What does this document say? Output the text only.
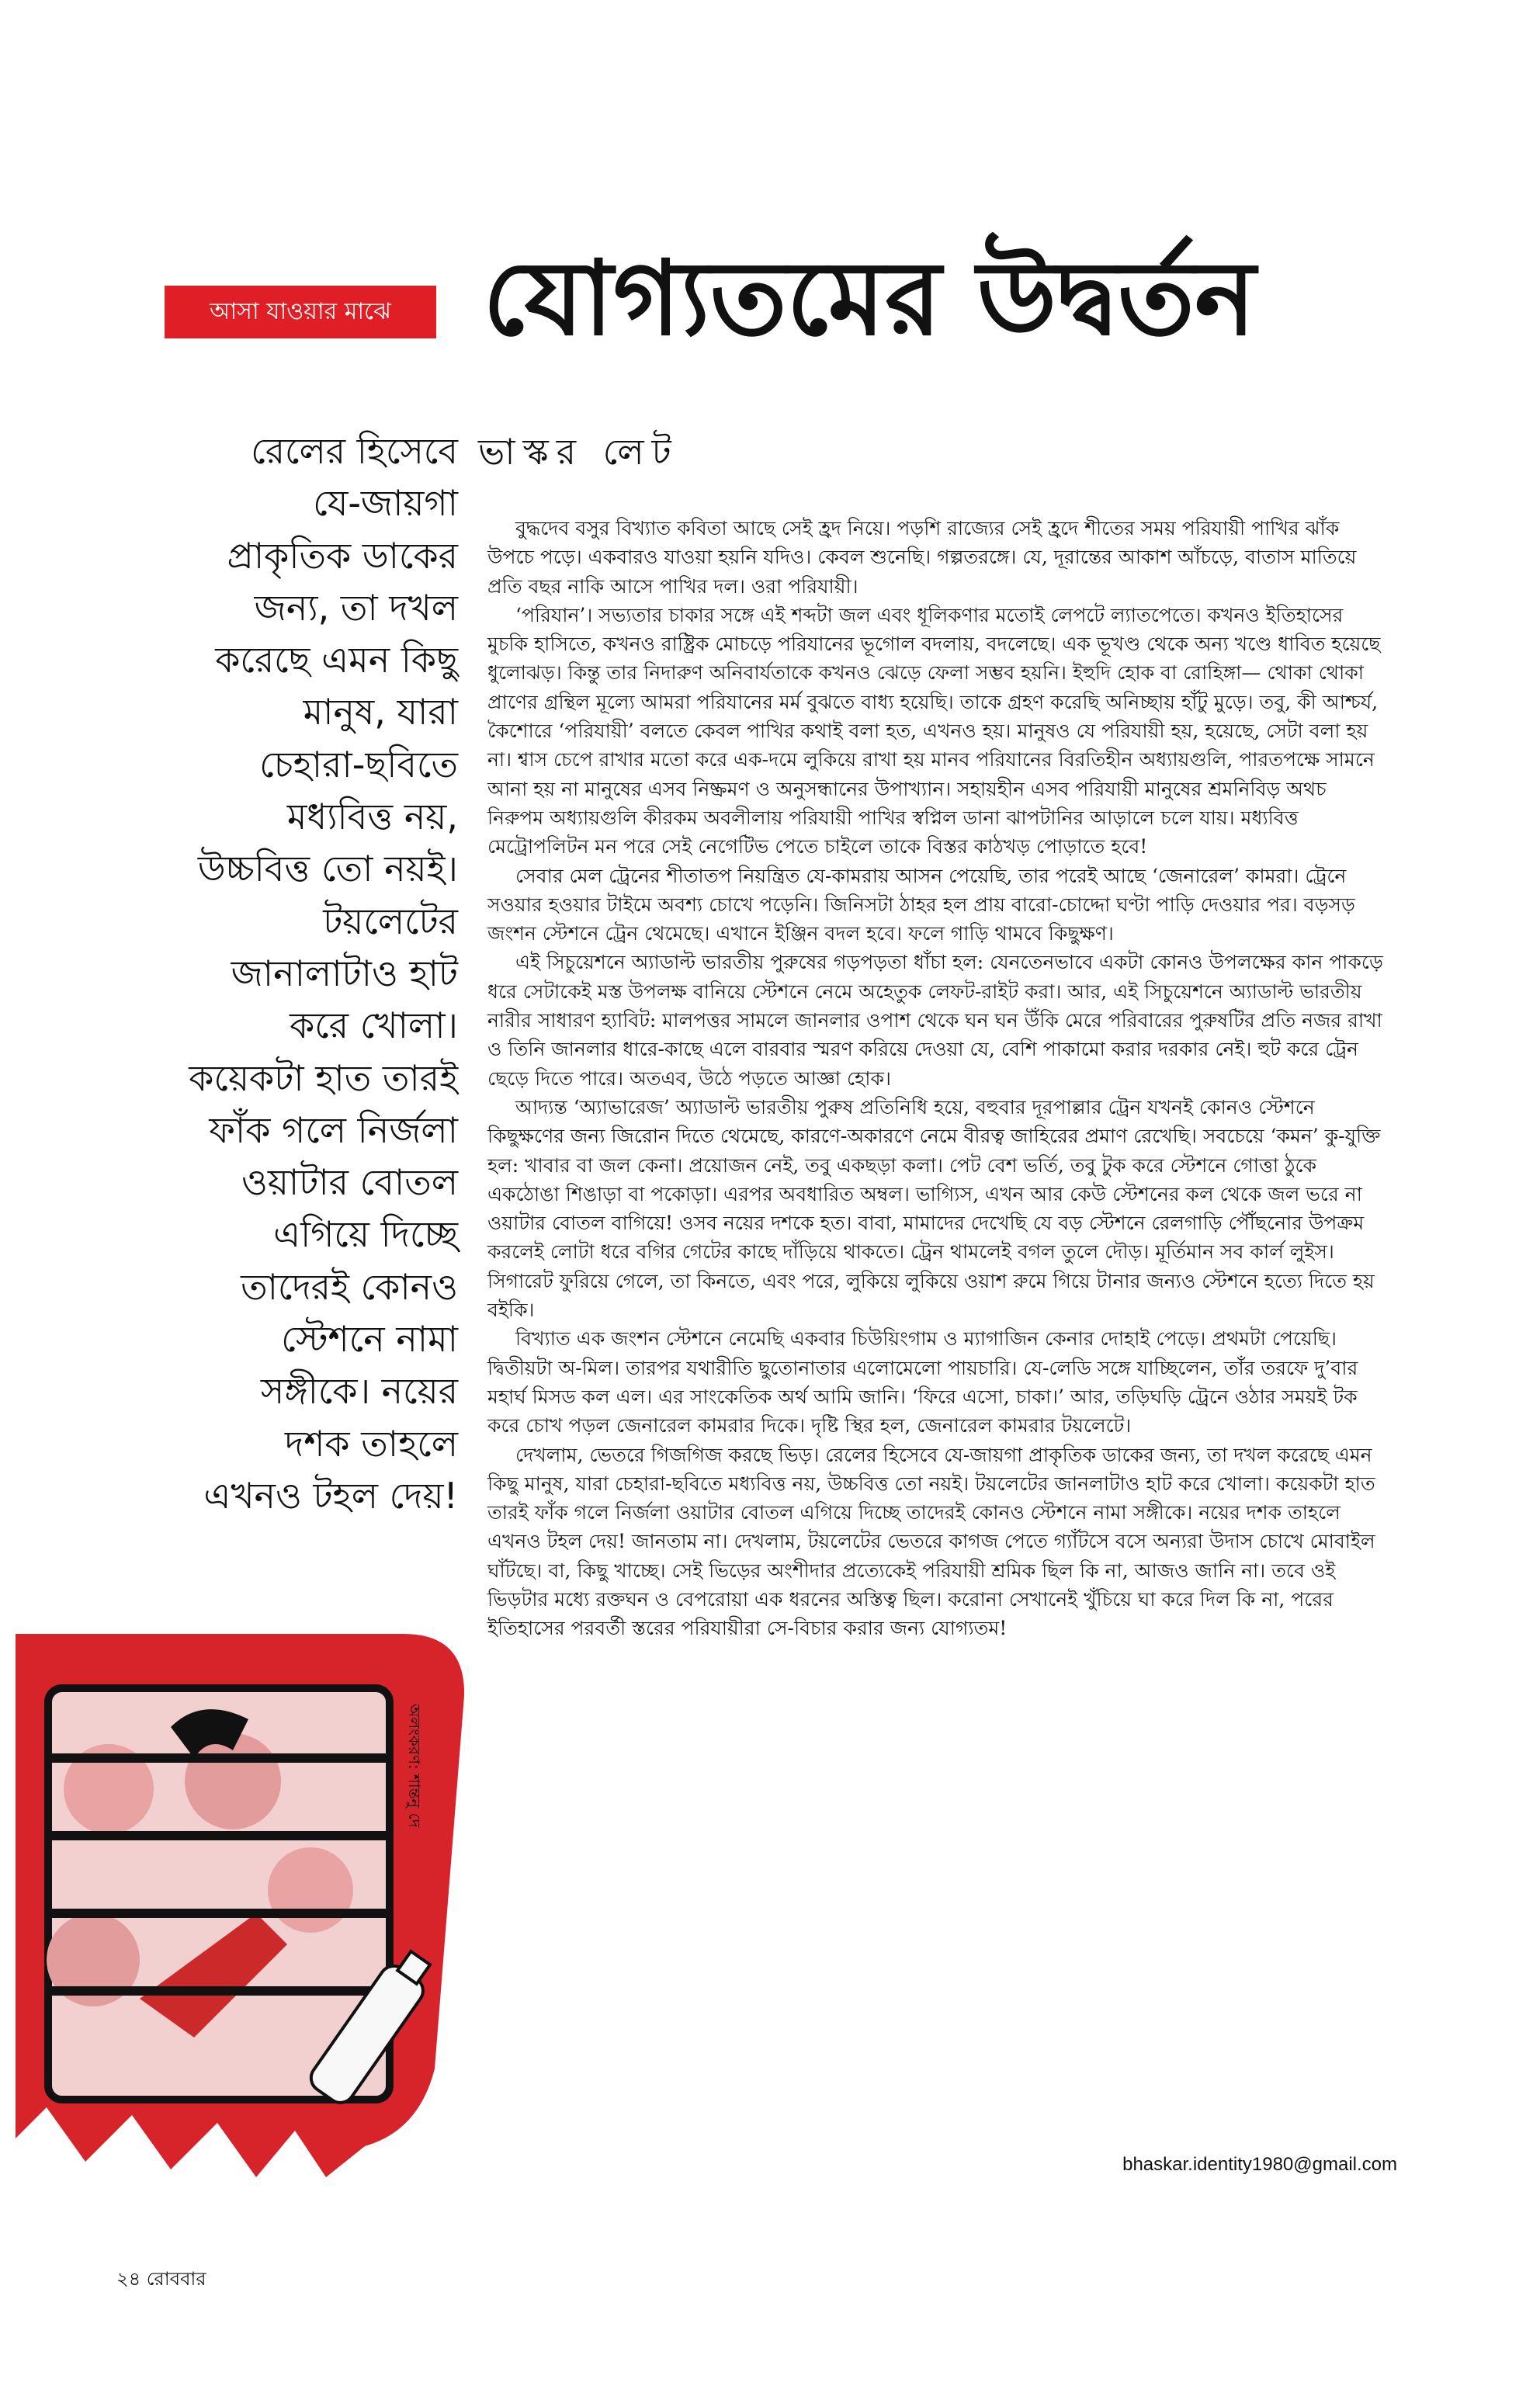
আসা যাওয়ার মাঝে যোগ্যতমের উদ্বর্তন
ভাস্কর লেট
রেলের হিসেবে
যে-জায়গা
প্রাকৃতিক ডাকের
জন্য, তা দখল
করেছে এমন কিছু
মানুষ, যারা
চেহারা-ছবিতে
মধ্যবিত্ত নয়,
উচ্চবিত্ত তো নয়ই।
টয়লেটের
জানালাটাও হাট
করে খোলা।
কয়েকটা হাত তারই
ফাঁক গলে নির্জলা
ওয়াটার বোতল
এগিয়ে দিচ্ছে
তাদেরই কোনও
স্টেশনে নামা
সঙ্গীকে। নয়ের
দশক তাহলে
এখনও টহল দেয়!

বুদ্ধদেব বসুর বিখ্যাত কবিতা আছে সেই হ্রদ নিয়ে। পড়শি রাজ্যের সেই হ্রদে শীতের সময় পরিযায়ী পাখির ঝাঁক উপচে পড়ে। একবারও যাওয়া হয়নি যদিও। কেবল শুনেছি। গল্পতরঙ্গে। যে, দূরান্তের আকাশ আঁচড়ে, বাতাস মাতিয়ে প্রতি বছর নাকি আসে পাখির দল। ওরা পরিযায়ী।

‘পরিযান’। সভ্যতার চাকার সঙ্গে এই শব্দটা জল এবং ধূলিকণার মতোই লেপটে ল্যাতপেতে। কখনও ইতিহাসের মুচকি হাসিতে, কখনও রাষ্ট্রিক মোচড়ে পরিযানের ভূগোল বদলায়, বদলেছে। এক ভূখণ্ড থেকে অন্য খণ্ডে ধাবিত হয়েছে ধুলোঝড়। কিন্তু তার নিদারুণ অনিবার্যতাকে কখনও ঝেড়ে ফেলা সম্ভব হয়নি। ইহুদি হোক বা রোহিঙ্গা— থোকা থোকা প্রাণের গ্রন্থিল মূল্যে আমরা পরিযানের মর্ম বুঝতে বাধ্য হয়েছি। তাকে গ্রহণ করেছি অনিচ্ছায় হাঁটু মুড়ে। তবু, কী আশ্চর্য, কৈশোরে ‘পরিযায়ী’ বলতে কেবল পাখির কথাই বলা হত, এখনও হয়। মানুষও যে পরিযায়ী হয়, হয়েছে, সেটা বলা হয় না। শ্বাস চেপে রাখার মতো করে এক-দমে লুকিয়ে রাখা হয় মানব পরিযানের বিরতিহীন অধ্যায়গুলি, পারতপক্ষে সামনে আনা হয় না মানুষের এসব নিষ্ক্রমণ ও অনুসন্ধানের উপাখ্যান। সহায়হীন এসব পরিযায়ী মানুষের শ্রমনিবিড় অথচ নিরুপম অধ্যায়গুলি কীরকম অবলীলায় পরিযায়ী পাখির স্বপ্নিল ডানা ঝাপটানির আড়ালে চলে যায়। মধ্যবিত্ত মেট্রোপলিটন মন পরে সেই নেগেটিভ পেতে চাইলে তাকে বিস্তর কাঠখড় পোড়াতে হবে!

সেবার মেল ট্রেনের শীতাতপ নিয়ন্ত্রিত যে-কামরায় আসন পেয়েছি, তার পরেই আছে ‘জেনারেল’ কামরা। ট্রেনে সওয়ার হওয়ার টাইমে অবশ্য চোখে পড়েনি। জিনিসটা ঠাহর হল প্রায় বারো-চোদ্দো ঘণ্টা পাড়ি দেওয়ার পর। বড়সড় জংশন স্টেশনে ট্রেন থেমেছে। এখানে ইঞ্জিন বদল হবে। ফলে গাড়ি থামবে কিছুক্ষণ।

এই সিচুয়েশনে অ্যাডাল্ট ভারতীয় পুরুষের গড়পড়তা ধাঁচা হল: যেনতেনভাবে একটা কোনও উপলক্ষের কান পাকড়ে ধরে সেটাকেই মস্ত উপলক্ষ বানিয়ে স্টেশনে নেমে অহেতুক লেফট-রাইট করা। আর, এই সিচুয়েশনে অ্যাডাল্ট ভারতীয় নারীর সাধারণ হ্যাবিট: মালপত্তর সামলে জানলার ওপাশ থেকে ঘন ঘন উঁকি মেরে পরিবারের পুরুষটির প্রতি নজর রাখা ও তিনি জানলার ধারে-কাছে এলে বারবার স্মরণ করিয়ে দেওয়া যে, বেশি পাকামো করার দরকার নেই। হুট করে ট্রেন ছেড়ে দিতে পারে। অতএব, উঠে পড়তে আজ্ঞা হোক।

আদ্যন্ত ‘অ্যাভারেজ’ অ্যাডাল্ট ভারতীয় পুরুষ প্রতিনিধি হয়ে, বহুবার দূরপাল্লার ট্রেন যখনই কোনও স্টেশনে কিছুক্ষণের জন্য জিরোন দিতে থেমেছে, কারণে-অকারণে নেমে বীরত্ব জাহিরের প্রমাণ রেখেছি। সবচেয়ে ‘কমন’ কু-যুক্তি হল: খাবার বা জল কেনা। প্রয়োজন নেই, তবু একছড়া কলা। পেট বেশ ভর্তি, তবু টুক করে স্টেশনে গোত্তা ঠুকে একঠোঙা শিঙাড়া বা পকোড়া। এরপর অবধারিত অম্বল। ভাগ্যিস, এখন আর কেউ স্টেশনের কল থেকে জল ভরে না ওয়াটার বোতল বাগিয়ে! ওসব নয়ের দশকে হত। বাবা, মামাদের দেখেছি যে বড় স্টেশনে রেলগাড়ি পৌঁছনোর উপক্রম করলেই লোটা ধরে বগির গেটের কাছে দাঁড়িয়ে থাকতে। ট্রেন থামলেই বগল তুলে দৌড়। মূর্তিমান সব কার্ল লুইস। সিগারেট ফুরিয়ে গেলে, তা কিনতে, এবং পরে, লুকিয়ে লুকিয়ে ওয়াশ রুমে গিয়ে টানার জন্যও স্টেশনে হত্যে দিতে হয় বইকি।

বিখ্যাত এক জংশন স্টেশনে নেমেছি একবার চিউয়িংগাম ও ম্যাগাজিন কেনার দোহাই পেড়ে। প্রথমটা পেয়েছি। দ্বিতীয়টা অ-মিল। তারপর যথারীতি ছুতোনাতার এলোমেলো পায়চারি। যে-লেডি সঙ্গে যাচ্ছিলেন, তাঁর তরফে দু’বার মহার্ঘ মিসড কল এল। এর সাংকেতিক অর্থ আমি জানি। ‘ফিরে এসো, চাকা।’ আর, তড়িঘড়ি ট্রেনে ওঠার সময়ই টক করে চোখ পড়ল জেনারেল কামরার দিকে। দৃষ্টি স্থির হল, জেনারেল কামরার টয়লেটে।

দেখলাম, ভেতরে গিজগিজ করছে ভিড়। রেলের হিসেবে যে-জায়গা প্রাকৃতিক ডাকের জন্য, তা দখল করেছে এমন কিছু মানুষ, যারা চেহারা-ছবিতে মধ্যবিত্ত নয়, উচ্চবিত্ত তো নয়ই। টয়লেটের জানলাটাও হাট করে খোলা। কয়েকটা হাত তারই ফাঁক গলে নির্জলা ওয়াটার বোতল এগিয়ে দিচ্ছে তাদেরই কোনও স্টেশনে নামা সঙ্গীকে। নয়ের দশক তাহলে এখনও টহল দেয়! জানতাম না। দেখলাম, টয়লেটের ভেতরে কাগজ পেতে গ্যাঁটসে বসে অন্যরা উদাস চোখে মোবাইল ঘাঁটছে। বা, কিছু খাচ্ছে। সেই ভিড়ের অংশীদার প্রত্যেকেই পরিযায়ী শ্রমিক ছিল কি না, আজও জানি না। তবে ওই ভিড়টার মধ্যে রক্তঘন ও বেপরোয়া এক ধরনের অস্তিত্ব ছিল। করোনা সেখানেই খুঁচিয়ে ঘা করে দিল কি না, পরের ইতিহাসের পরবর্তী স্তরের পরিযায়ীরা সে-বিচার করার জন্য যোগ্যতম!

bhaskar.identity1980@gmail.com
অলংকরণ: শান্তনু দে
২৪ রোববার
